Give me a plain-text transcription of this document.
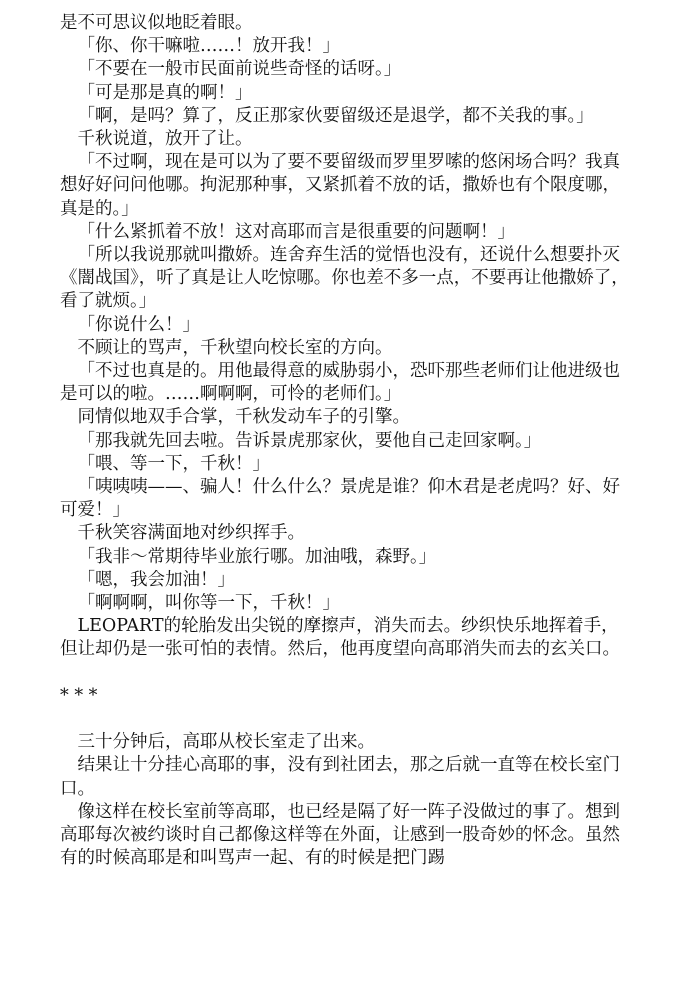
是不可思议似地眨着眼。

「你、你干嘛啦……！放开我！」

「不要在一般市民面前说些奇怪的话呀。」

「可是那是真的啊！」

「啊，是吗？算了，反正那家伙要留级还是退学，都不关我的事。」

千秋说道，放开了让。

「不过啊，现在是可以为了要不要留级而罗里罗嗦的悠闲场合吗？我真想好好问问他哪。拘泥那种事，又紧抓着不放的话，撒娇也有个限度哪，真是的。」

「什么紧抓着不放！这对高耶而言是很重要的问题啊！」

「所以我说那就叫撒娇。连舍弃生活的觉悟也没有，还说什么想要扑灭《闇战国》，听了真是让人吃惊哪。你也差不多一点，不要再让他撒娇了，看了就烦。」

「你说什么！」

不顾让的骂声，千秋望向校长室的方向。

「不过也真是的。用他最得意的威胁弱小，恐吓那些老师们让他进级也是可以的啦。……啊啊啊，可怜的老师们。」

同情似地双手合掌，千秋发动车子的引擎。

「那我就先回去啦。告诉景虎那家伙，要他自己走回家啊。」

「喂、等一下，千秋！」

「咦咦咦——、骗人！什么什么？景虎是谁？仰木君是老虎吗？好、好可爱！」

千秋笑容满面地对纱织挥手。

「我非～常期待毕业旅行哪。加油哦，森野。」

「嗯，我会加油！」

「啊啊啊，叫你等一下，千秋！」

LEOPART的轮胎发出尖锐的摩擦声，消失而去。纱织快乐地挥着手，但让却仍是一张可怕的表情。然后，他再度望向高耶消失而去的玄关口。

* * *

三十分钟后，高耶从校长室走了出来。

结果让十分挂心高耶的事，没有到社团去，那之后就一直等在校长室门口。

像这样在校长室前等高耶，也已经是隔了好一阵子没做过的事了。想到高耶每次被约谈时自己都像这样等在外面，让感到一股奇妙的怀念。虽然有的时候高耶是和叫骂声一起、有的时候是把门踢
